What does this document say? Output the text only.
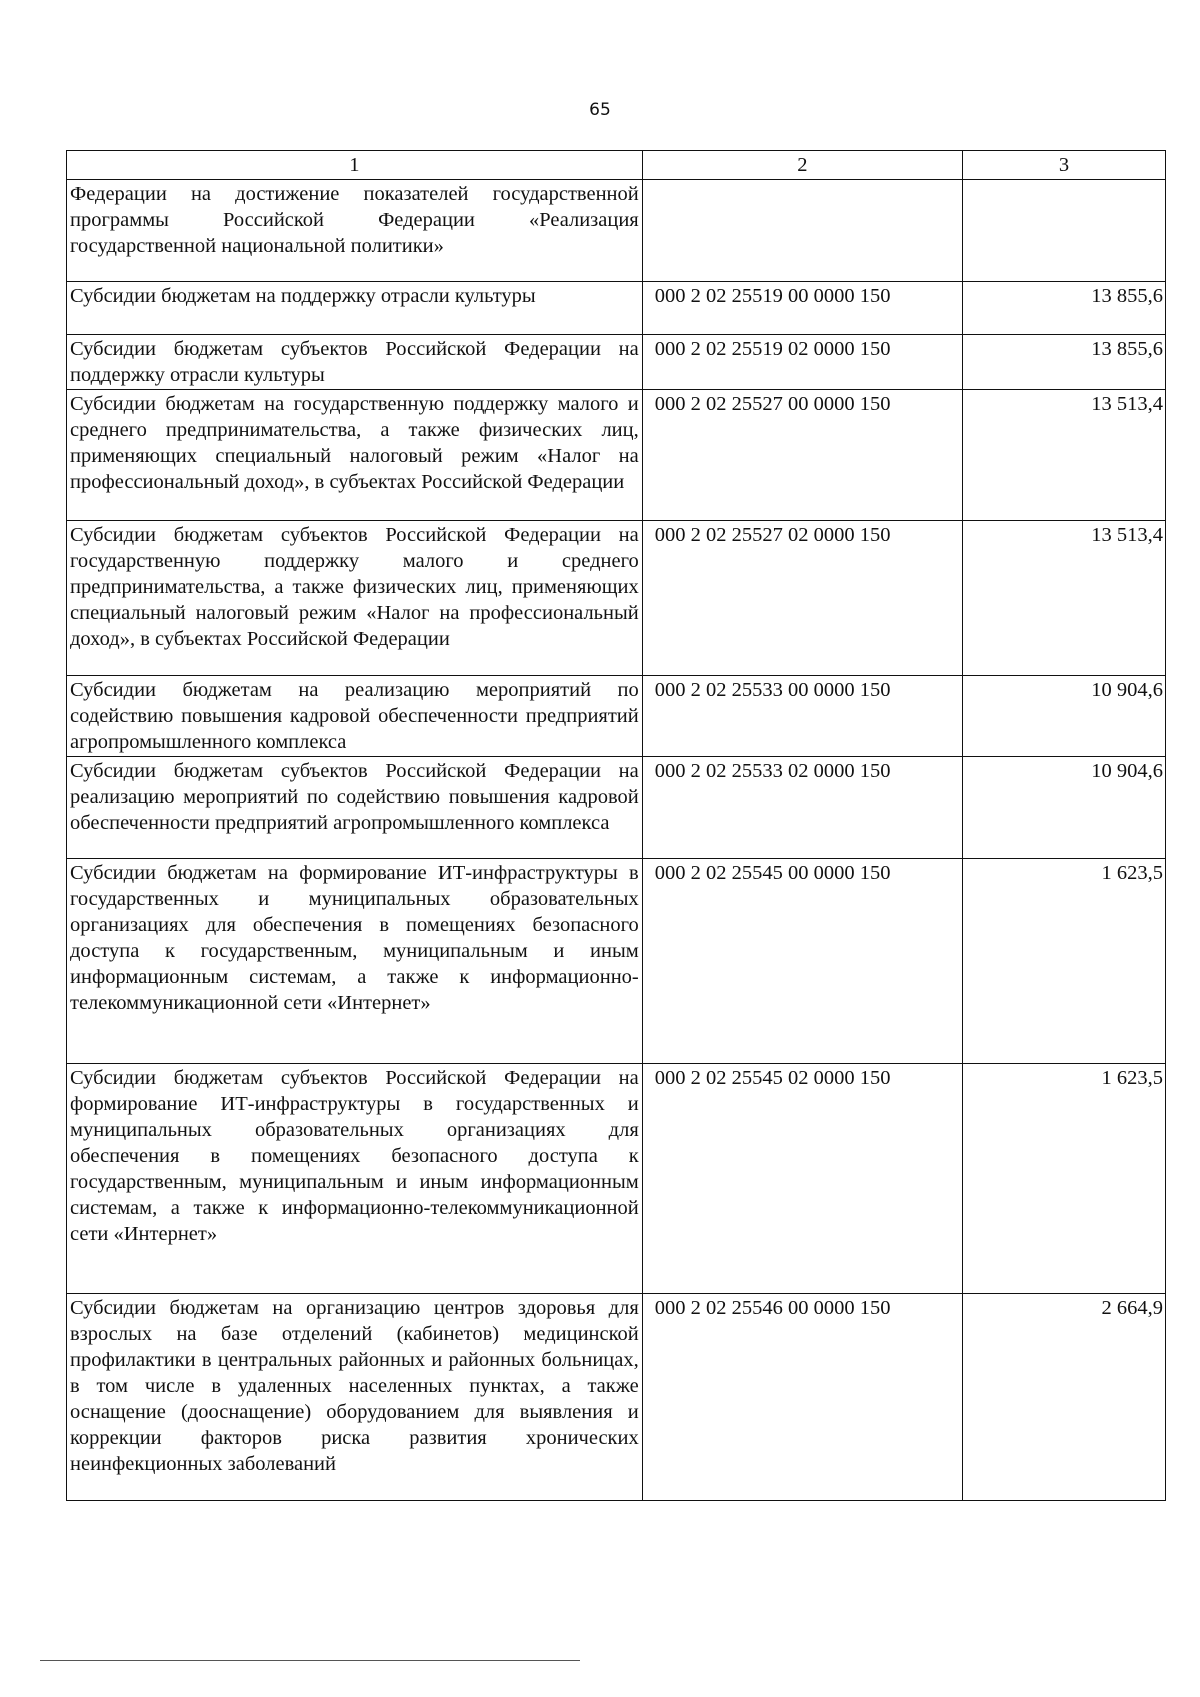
65
1	2	3
Федерации на достижение показателей государственной программы Российской Федерации «Реализация государственной национальной политики»		
Субсидии бюджетам на поддержку отрасли культуры	000 2 02 25519 00 0000 150	13 855,6
Субсидии бюджетам субъектов Российской Федерации на поддержку отрасли культуры	000 2 02 25519 02 0000 150	13 855,6
Субсидии бюджетам на государственную поддержку малого и среднего предпринимательства, а также физических лиц, применяющих специальный налоговый режим «Налог на профессиональный доход», в субъектах Российской Федерации	000 2 02 25527 00 0000 150	13 513,4
Субсидии бюджетам субъектов Российской Федерации на государственную поддержку малого и среднего предпринимательства, а также физических лиц, применяющих специальный налоговый режим «Налог на профессиональный доход», в субъектах Российской Федерации	000 2 02 25527 02 0000 150	13 513,4
Субсидии бюджетам на реализацию мероприятий по содействию повышения кадровой обеспеченности предприятий агропромышленного комплекса	000 2 02 25533 00 0000 150	10 904,6
Субсидии бюджетам субъектов Российской Федерации на реализацию мероприятий по содействию повышения кадровой обеспеченности предприятий агропромышленного комплекса	000 2 02 25533 02 0000 150	10 904,6
Субсидии бюджетам на формирование ИТ-инфраструктуры в государственных и муниципальных образовательных организациях для обеспечения в помещениях безопасного доступа к государственным, муниципальным и иным информационным системам, а также к информационно-телекоммуникационной сети «Интернет»	000 2 02 25545 00 0000 150	1 623,5
Субсидии бюджетам субъектов Российской Федерации на формирование ИТ-инфраструктуры в государственных и муниципальных образовательных организациях для обеспечения в помещениях безопасного доступа к государственным, муниципальным и иным информационным системам, а также к информационно-телекоммуникационной сети «Интернет»	000 2 02 25545 02 0000 150	1 623,5
Субсидии бюджетам на организацию центров здоровья для взрослых на базе отделений (кабинетов) медицинской профилактики в центральных районных и районных больницах, в том числе в удаленных населенных пунктах, а также оснащение (дооснащение) оборудованием для выявления и коррекции факторов риска развития хронических неинфекционных заболеваний	000 2 02 25546 00 0000 150	2 664,9
